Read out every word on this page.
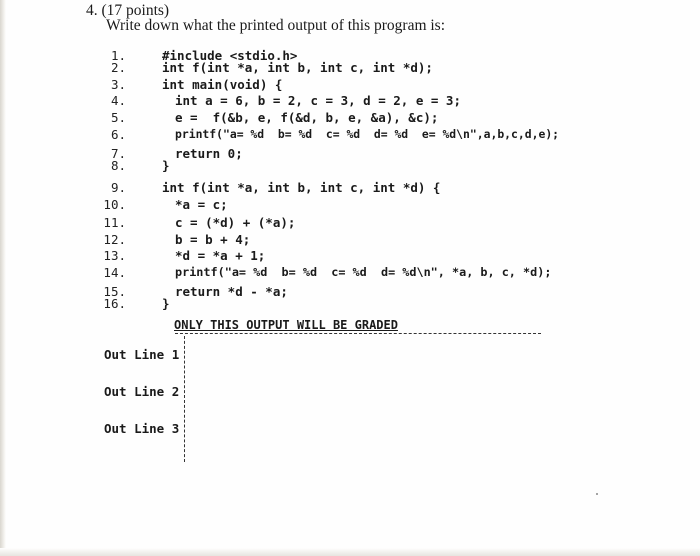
4. (17 points)
Write down what the printed output of this program is:
1.	#include <stdio.h>
2.	int f(int *a, int b, int c, int *d);
3.	int main(void) {
4.	int a = 6, b = 2, c = 3, d = 2, e = 3;
5.	e =  f(&b, e, f(&d, b, e, &a), &c);
6.	printf("a= %d  b= %d  c= %d  d= %d  e= %d\n",a,b,c,d,e);
7.	return 0;
8.	}
9.	int f(int *a, int b, int c, int *d) {
10.	*a = c;
11.	c = (*d) + (*a);
12.	b = b + 4;
13.	*d = *a + 1;
14.	printf("a= %d  b= %d  c= %d  d= %d\n", *a, b, c, *d);
15.	return *d - *a;
16.	}
ONLY THIS OUTPUT WILL BE GRADED
Out Line 1
Out Line 2
Out Line 3
